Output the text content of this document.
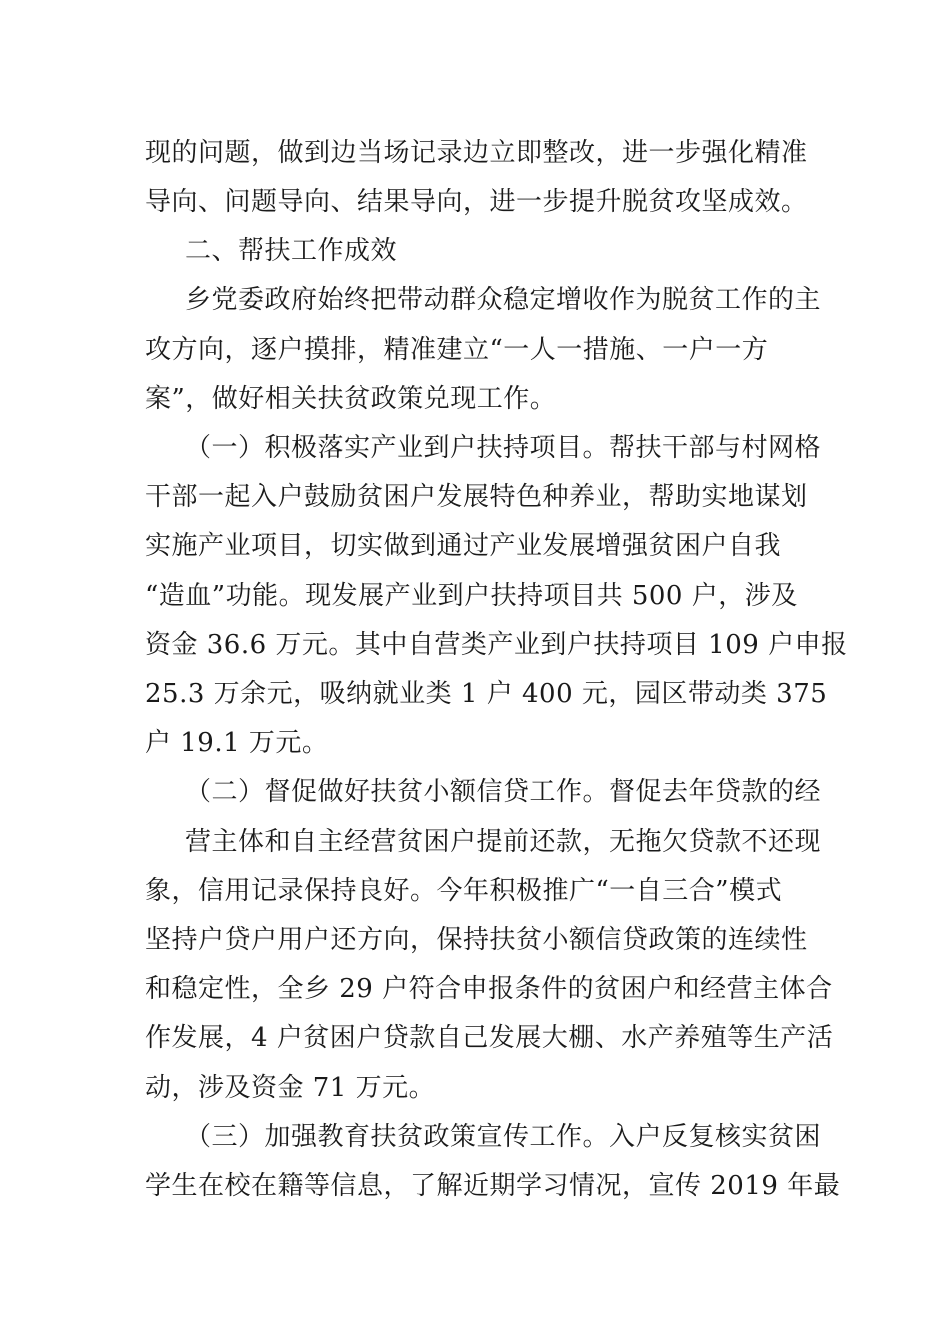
现的问题，做到边当场记录边立即整改，进一步强化精准
导向、问题导向、结果导向，进一步提升脱贫攻坚成效。
二、帮扶工作成效
乡党委政府始终把带动群众稳定增收作为脱贫工作的主
攻方向，逐户摸排，精准建立“一人一措施、一户一方
案”，做好相关扶贫政策兑现工作。
（一）积极落实产业到户扶持项目。帮扶干部与村网格
干部一起入户鼓励贫困户发展特色种养业，帮助实地谋划
实施产业项目，切实做到通过产业发展增强贫困户自我
“造血”功能。现发展产业到户扶持项目共 500 户，涉及
资金 36.6 万元。其中自营类产业到户扶持项目 109 户申报
25.3 万余元，吸纳就业类 1 户 400 元，园区带动类 375
户 19.1 万元。
（二）督促做好扶贫小额信贷工作。督促去年贷款的经
营主体和自主经营贫困户提前还款，无拖欠贷款不还现
象，信用记录保持良好。今年积极推广“一自三合”模式
坚持户贷户用户还方向，保持扶贫小额信贷政策的连续性
和稳定性，全乡 29 户符合申报条件的贫困户和经营主体合
作发展，4 户贫困户贷款自己发展大棚、水产养殖等生产活
动，涉及资金 71 万元。
（三）加强教育扶贫政策宣传工作。入户反复核实贫困
学生在校在籍等信息，了解近期学习情况，宣传 2019 年最
